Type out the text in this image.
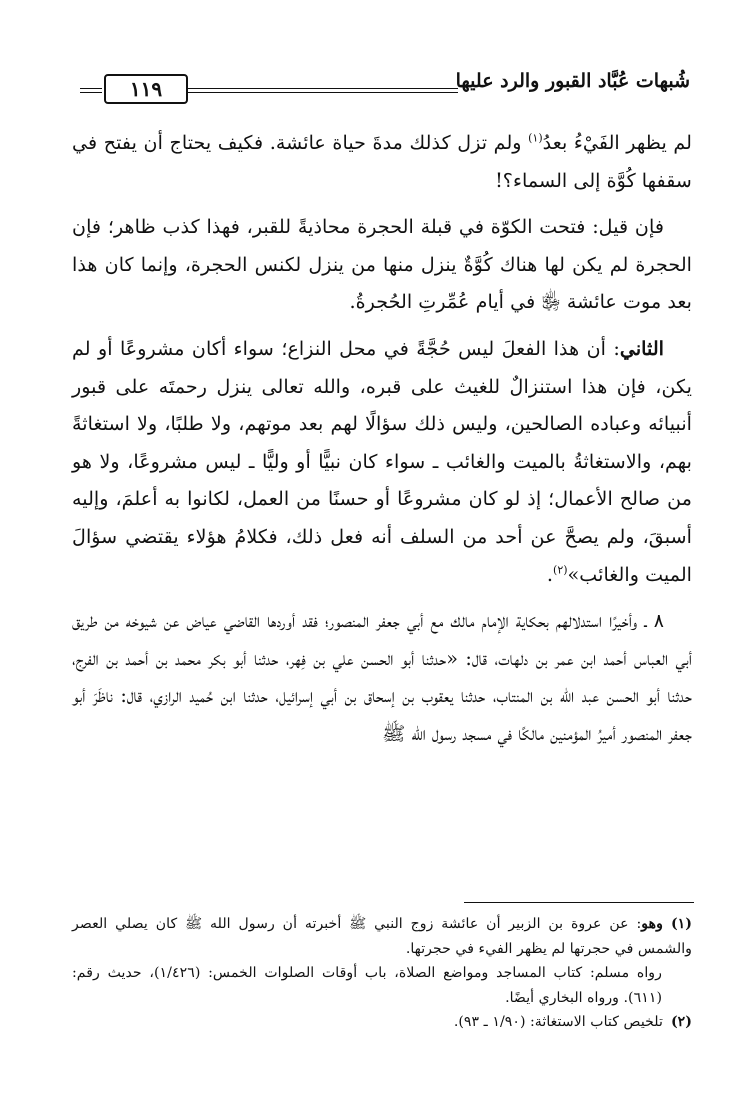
شُبهات عُبَّاد القبور والرد عليها
١١٩

لم يظهر الفَيْءُ بعدُ$^{(١)}$ ولم تزل كذلك مدةَ حياة عائشة. فكيف يحتاج أن يفتح في سقفها كُوَّة إلى السماء؟!

فإن قيل: فتحت الكوّة في قبلة الحجرة محاذيةً للقبر، فهذا كذب ظاهر؛ فإن الحجرة لم يكن لها هناك كُوَّةٌ ينزل منها من ينزل لكنس الحجرة، وإنما كان هذا بعد موت عائشة ﵂ في أيام عُمِّرتِ الحُجرةُ.

الثاني: أن هذا الفعلَ ليس حُجَّةً في محل النزاع؛ سواء أكان مشروعًا أو لم يكن، فإن هذا استنزالٌ للغيث على قبره، والله تعالى ينزل رحمتَه على قبور أنبيائه وعباده الصالحين، وليس ذلك سؤالًا لهم بعد موتهم، ولا طلبًا، ولا استغاثةً بهم، والاستغاثةُ بالميت والغائب ـ سواء كان نبيًّا أو وليًّا ـ ليس مشروعًا، ولا هو من صالح الأعمال؛ إذ لو كان مشروعًا أو حسنًا من العمل، لكانوا به أعلمَ، وإليه أسبقَ، ولم يصحَّ عن أحد من السلف أنه فعل ذلك، فكلامُ هؤلاء يقتضي سؤالَ الميت والغائب»$^{(٢)}$.

٨ ـ وأخيرًا استدلالهم بحكاية الإمام مالك مع أبي جعفر المنصور؛ فقد أوردها القاضي عياض عن شيوخه من طريق أبي العباس أحمد ابن عمر بن دلهات، قال: «حدثنا أبو الحسن علي بن فِهر، حدثنا أبو بكر محمد بن أحمد بن الفرج، حدثنا أبو الحسن عبد الله بن المنتاب، حدثنا يعقوب بن إسحاق بن أبي إسرائيل، حدثنا ابن حُميد الرازي، قال: ناظَرَ أبو جعفر المنصور أميرُ المؤمنين مالكًا في مسجد رسول الله ﷺ

(١)وهو: عن عروة بن الزبير أن عائشة زوج النبي ﷺ أخبرته أن رسول الله ﷺ كان يصلي العصر والشمس في حجرتها لم يظهر الفيء في حجرتها.

رواه مسلم: كتاب المساجد ومواضع الصلاة، باب أوقات الصلوات الخمس: (١/٤٢٦)، حديث رقم: (٦١١). ورواه البخاري أيضًا.

(٢)تلخيص كتاب الاستغاثة: (١/٩٠ ـ ٩٣).
